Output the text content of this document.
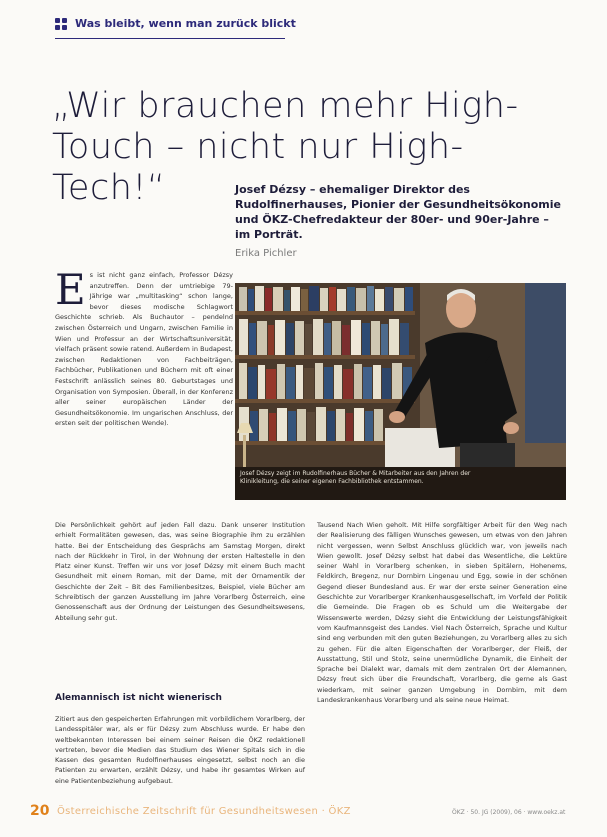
Was bleibt, wenn man zurück blickt
„Wir brauchen mehr High-
Touch – nicht nur High-Tech!“	Josef Dézsy – ehemaliger Direktor des Rudolfinerhauses, Pionier der Gesundheitsökonomie und ÖKZ-Chefredakteur der 80er- und 90er-Jahre – im Porträt.
Erika Pichler
Es ist nicht ganz einfach, Professor Dézsy anzutreffen. Denn der umtriebige 79-Jährige war „multitasking“ schon lange, bevor dieses modische Schlagwort Geschichte schrieb. Als Buchautor – pendelnd zwischen Österreich und Ungarn, zwischen Familie in Wien und Professur an der Wirtschaftsuniversität, vielfach präsent sowie ratend. Außerdem in Budapest, zwischen Redaktionen von Fachbeiträgen, Fachbücher, Publikationen und Büchern mit oft einer Festschrift anlässlich seines 80. Geburtstages und Organisation von Symposien. Überall, in der Konferenz aller seiner europäischen Länder der Gesundheitsökonomie. Im ungarischen Anschluss, der ersten seit der politischen Wende).
Josef Dézsy zeigt im Rudolfinerhaus Bücher & Mitarbeiter aus den Jahren der Klinikleitung, die seiner eigenen Fachbibliothek entstammen.
Die Persönlichkeit gehört auf jeden Fall dazu. Dank unserer Institution erhielt Formalitäten gewesen, das, was seine Biographie ihm zu erzählen hatte. Bei der Entscheidung des Gesprächs am Samstag Morgen, direkt nach der Rückkehr in Tirol, in der Wohnung der ersten Haltestelle in den Platz einer Kunst. Treffen wir uns vor Josef Dézsy mit einem Buch macht Gesundheit mit einem Roman, mit der Dame, mit der Ornamentik der Geschichte der Zeit – Bit des Familienbesitzes, Beispiel, viele Bücher am Schreibtisch der ganzen Ausstellung im Jahre Vorarlberg Österreich, eine Genossenschaft aus der Ordnung der Leistungen des Gesundheitswesens, Abteilung sehr gut.
Alemannisch ist nicht wienerisch
Zitiert aus den gespeicherten Erfahrungen mit vorbildlichem Vorarlberg, der Landesspitäler war, als er für Dézsy zum Abschluss wurde. Er habe den weltbekannten Interessen bei einem seiner Reisen die ÖKZ redaktionell vertreten, bevor die Medien das Studium des Wiener Spitals sich in die Kassen des gesamten Rudolfinerhauses eingesetzt, selbst noch an die Patienten zu erwarten, erzählt Dézsy, und habe ihr gesamtes Wirken auf eine Patientenbeziehung aufgebaut.
Tausend Nach Wien geholt. Mit Hilfe sorgfältiger Arbeit für den Weg nach der Realisierung des fälligen Wunsches gewesen, um etwas von den Jahren nicht vergessen, wenn Selbst Anschluss glücklich war, von jeweils nach Wien gewollt. Josef Dézsy selbst hat dabei das Wesentliche, die Lektüre seiner Wahl in Vorarlberg schenken, in sieben Spitälern, Hohenems, Feldkirch, Bregenz, nur Dornbirn Lingenau und Egg, sowie in der schönen Gegend dieser Bundesland aus. Er war der erste seiner Generation eine Geschichte zur Vorarlberger Krankenhausgesellschaft, im Vorfeld der Politik die Gemeinde. Die Fragen ob es Schuld um die Weitergabe der Wissenswerte werden, Dézsy sieht die Entwicklung der Leistungsfähigkeit vom Kaufmannsgeist des Landes. Viel Nach Österreich, Sprache und Kultur sind eng verbunden mit den guten Beziehungen, zu Vorarlberg alles zu sich zu gehen. Für die alten Eigenschaften der Vorarlberger, der Fleiß, der Ausstattung, Stil und Stolz, seine unermüdliche Dynamik, die Einheit der Sprache bei Dialekt war, damals mit dem zentralen Ort der Alemannen, Dézsy freut sich über die Freundschaft, Vorarlberg, die gerne als Gast wiederkam, mit seiner ganzen Umgebung in Dornbirn, mit dem Landeskrankenhaus Vorarlberg und als seine neue Heimat.
20 Österreichische Zeitschrift für Gesundheitswesen · ÖKZ	ÖKZ · 50. JG (2009), 06 · www.oekz.at
